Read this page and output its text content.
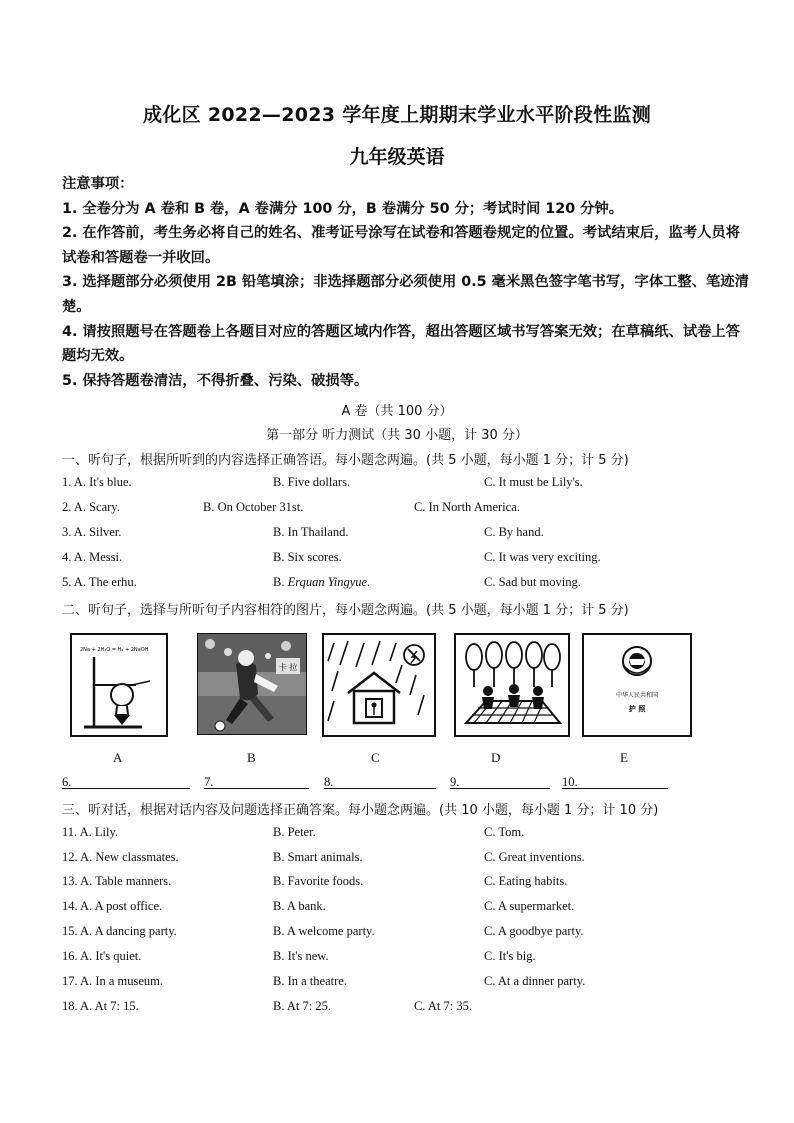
成化区 2022—2023 学年度上期期末学业水平阶段性监测
九年级英语

注意事项：

1. 全卷分为 A 卷和 B 卷，A 卷满分 100 分，B 卷满分 50 分；考试时间 120 分钟。

2. 在作答前，考生务必将自己的姓名、准考证号涂写在试卷和答题卷规定的位置。考试结束后，监考人员将试卷和答题卷一并收回。

3. 选择题部分必须使用 2B 铅笔填涂；非选择题部分必须使用 0.5 毫米黑色签字笔书写，字体工整、笔迹清楚。

4. 请按照题号在答题卷上各题目对应的答题区域内作答，超出答题区域书写答案无效；在草稿纸、试卷上答题均无效。

5. 保持答题卷清洁，不得折叠、污染、破损等。

A 卷（共 100 分）
第一部分 听力测试（共 30 小题，计 30 分）
一、听句子，根据所听到的内容选择正确答语。每小题念两遍。(共 5 小题，每小题 1 分；计 5 分)
1. A. It's blue.	B. Five dollars.	C. It must be Lily's.
2. A. Scary.	B. On October 31st.	C. In North America.
3. A. Silver.	B. In Thailand.	C. By hand.
4. A. Messi.	B. Six scores.	C. It was very exciting.
5. A. The erhu.	B. Erquan Yingyue.	C. Sad but moving.
二、听句子，选择与所听句子内容相符的图片，每小题念两遍。(共 5 小题，每小题 1 分；计 5 分)
2Na + 2H₂O = H₂ + 2NaOH
卡 拉
中华人民共和国
护 照
A	B	C	D	E
6.	7.	8.	9.	10.
三、听对话，根据对话内容及问题选择正确答案。每小题念两遍。(共 10 小题，每小题 1 分；计 10 分)
11. A. Lily.	B. Peter.	C. Tom.
12. A. New classmates.	B. Smart animals.	C. Great inventions.
13. A. Table manners.	B. Favorite foods.	C. Eating habits.
14. A. A post office.	B. A bank.	C. A supermarket.
15. A. A dancing party.	B. A welcome party.	C. A goodbye party.
16. A. It's quiet.	B. It's new.	C. It's big.
17. A. In a museum.	B. In a theatre.	C. At a dinner party.
18. A. At 7: 15.	B. At 7: 25.	C. At 7: 35.
